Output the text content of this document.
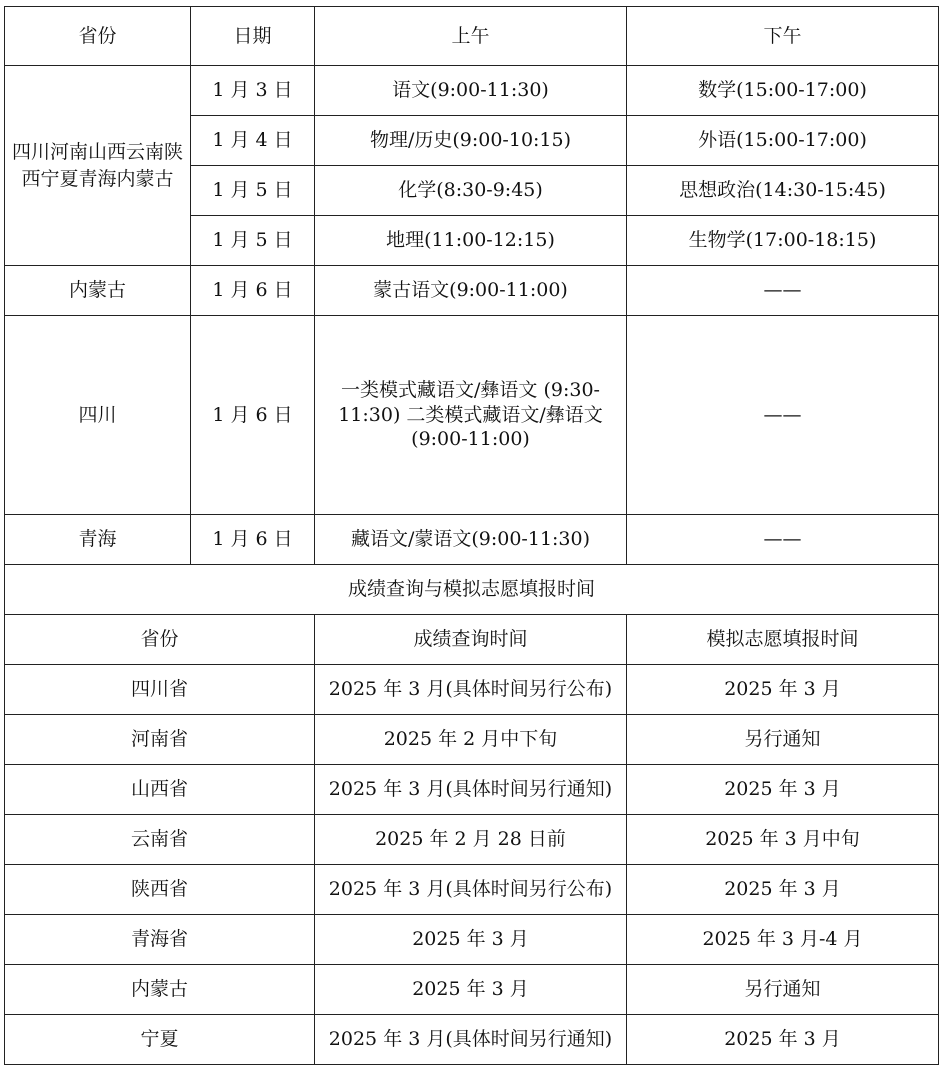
省份	日期	上午	下午
四川河南山西云南陕西宁夏青海内蒙古	1 月 3 日	语文(9:00-11:30)	数学(15:00-17:00)
	1 月 4 日	物理/历史(9:00-10:15)	外语(15:00-17:00)
	1 月 5 日	化学(8:30-9:45)	思想政治(14:30-15:45)
	1 月 5 日	地理(11:00-12:15)	生物学(17:00-18:15)
内蒙古	1 月 6 日	蒙古语文(9:00-11:00)	——
四川	1 月 6 日	一类模式藏语文/彝语文 (9:30-11:30) 二类模式藏语文/彝语文 (9:00-11:00)	——
青海	1 月 6 日	藏语文/蒙语文(9:00-11:30)	——
成绩查询与模拟志愿填报时间			
省份		成绩查询时间	模拟志愿填报时间
四川省		2025 年 3 月(具体时间另行公布)	2025 年 3 月
河南省		2025 年 2 月中下旬	另行通知
山西省		2025 年 3 月(具体时间另行通知)	2025 年 3 月
云南省		2025 年 2 月 28 日前	2025 年 3 月中旬
陕西省		2025 年 3 月(具体时间另行公布)	2025 年 3 月
青海省		2025 年 3 月	2025 年 3 月-4 月
内蒙古		2025 年 3 月	另行通知
宁夏		2025 年 3 月(具体时间另行通知)	2025 年 3 月
